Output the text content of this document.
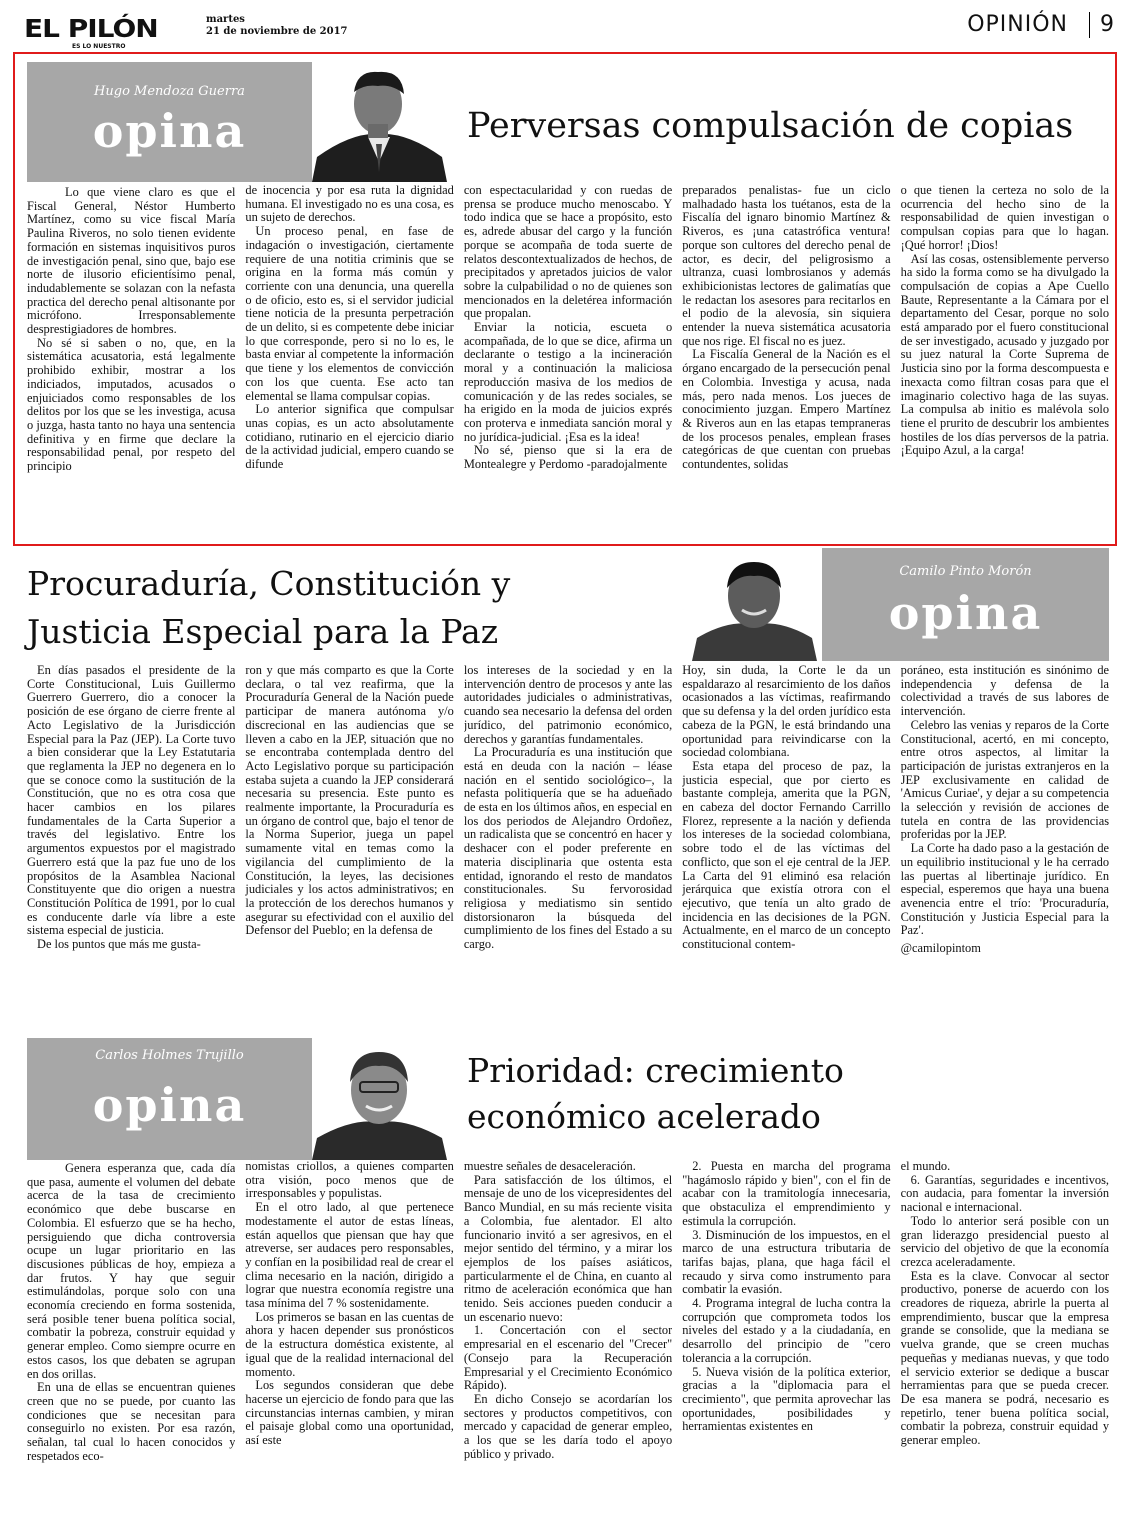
EL PILÓN
ES LO NUESTRO
martes
21 de noviembre de 2017	OPINIÓN	9
Hugo Mendoza Guerra
opina	Perversas compulsación de copias

Lo que viene claro es que el Fiscal General, Néstor Humberto Martínez, como su vice fiscal María Paulina Riveros, no solo tienen evidente formación en sistemas inquisitivos puros de investigación penal, sino que, bajo ese norte de ilusorio eficientísimo penal, indudablemente se solazan con la nefasta practica del derecho penal altisonante por micrófono. Irresponsablemente desprestigiadores de hombres.

No sé si saben o no, que, en la sistemática acusatoria, está legalmente prohibido exhibir, mostrar a los indiciados, imputados, acusados o enjuiciados como responsables de los delitos por los que se les investiga, acusa o juzga, hasta tanto no haya una sentencia definitiva y en firme que declare la responsabilidad penal, por respeto del principio

de inocencia y por esa ruta la dignidad humana. El investigado no es una cosa, es un sujeto de derechos.

Un proceso penal, en fase de indagación o investigación, ciertamente requiere de una notitia criminis que se origina en la forma más común y corriente con una denuncia, una querella o de oficio, esto es, si el servidor judicial tiene noticia de la presunta perpetración de un delito, si es competente debe iniciar lo que corresponde, pero si no lo es, le basta enviar al competente la información que tiene y los elementos de convicción con los que cuenta. Ese acto tan elemental se llama compulsar copias.

Lo anterior significa que compulsar unas copias, es un acto absolutamente cotidiano, rutinario en el ejercicio diario de la actividad judicial, empero cuando se difunde

con espectacularidad y con ruedas de prensa se produce mucho menoscabo. Y todo indica que se hace a propósito, esto es, adrede abusar del cargo y la función porque se acompaña de toda suerte de relatos descontextualizados de hechos, de precipitados y apretados juicios de valor sobre la culpabilidad o no de quienes son mencionados en la deletérea información que propalan.

Enviar la noticia, escueta o acompañada, de lo que se dice, afirma un declarante o testigo a la incineración moral y a continuación la maliciosa reproducción masiva de los medios de comunicación y de las redes sociales, se ha erigido en la moda de juicios exprés con proterva e inmediata sanción moral y no jurídica-judicial. ¡Esa es la idea!

No sé, pienso que si la era de Montealegre y Perdomo -paradojalmente

preparados penalistas- fue un ciclo malhadado hasta los tuétanos, esta de la Fiscalía del ignaro binomio Martínez & Riveros, es ¡una catastrófica ventura! porque son cultores del derecho penal de actor, es decir, del peligrosismo a ultranza, cuasi lombrosianos y además exhibicionistas lectores de galimatías que le redactan los asesores para recitarlos en el podio de la alevosía, sin siquiera entender la nueva sistemática acusatoria que nos rige. El fiscal no es juez.

La Fiscalía General de la Nación es el órgano encargado de la persecución penal en Colombia. Investiga y acusa, nada más, pero nada menos. Los jueces de conocimiento juzgan. Empero Martínez & Riveros aun en las etapas tempraneras de los procesos penales, emplean frases categóricas de que cuentan con pruebas contundentes, solidas

o que tienen la certeza no solo de la ocurrencia del hecho sino de la responsabilidad de quien investigan o compulsan copias para que lo hagan. ¡Qué horror! ¡Dios!

Así las cosas, ostensiblemente perverso ha sido la forma como se ha divulgado la compulsación de copias a Ape Cuello Baute, Representante a la Cámara por el departamento del Cesar, porque no solo está amparado por el fuero constitucional de ser investigado, acusado y juzgado por su juez natural la Corte Suprema de Justicia sino por la forma descompuesta e inexacta como filtran cosas para que el imaginario colectivo haga de las suyas. La compulsa ab initio es malévola solo tiene el prurito de descubrir los ambientes hostiles de los días perversos de la patria. ¡Equipo Azul, a la carga!

Procuraduría, Constitución y
Justicia Especial para la Paz
Camilo Pinto Morón
opina

En días pasados el presidente de la Corte Constitucional, Luis Guillermo Guerrero Guerrero, dio a conocer la posición de ese órgano de cierre frente al Acto Legislativo de la Jurisdicción Especial para la Paz (JEP). La Corte tuvo a bien considerar que la Ley Estatutaria que reglamenta la JEP no degenera en lo que se conoce como la sustitución de la Constitución, que no es otra cosa que hacer cambios en los pilares fundamentales de la Carta Superior a través del legislativo. Entre los argumentos expuestos por el magistrado Guerrero está que la paz fue uno de los propósitos de la Asamblea Nacional Constituyente que dio origen a nuestra Constitución Política de 1991, por lo cual es conducente darle vía libre a este sistema especial de justicia.

De los puntos que más me gusta-

ron y que más comparto es que la Corte declara, o tal vez reafirma, que la Procuraduría General de la Nación puede participar de manera autónoma y/o discrecional en las audiencias que se lleven a cabo en la JEP, situación que no se encontraba contemplada dentro del Acto Legislativo porque su participación estaba sujeta a cuando la JEP considerará necesaria su presencia. Este punto es realmente importante, la Procuraduría es un órgano de control que, bajo el tenor de la Norma Superior, juega un papel sumamente vital en temas como la vigilancia del cumplimiento de la Constitución, la leyes, las decisiones judiciales y los actos administrativos; en la protección de los derechos humanos y asegurar su efectividad con el auxilio del Defensor del Pueblo; en la defensa de

los intereses de la sociedad y en la intervención dentro de procesos y ante las autoridades judiciales o administrativas, cuando sea necesario la defensa del orden jurídico, del patrimonio económico, derechos y garantías fundamentales.

La Procuraduría es una institución que está en deuda con la nación – léase nación en el sentido sociológico–, la nefasta politiquería que se ha adueñado de esta en los últimos años, en especial en los dos periodos de Alejandro Ordoñez, un radicalista que se concentró en hacer y deshacer con el poder preferente en materia disciplinaria que ostenta esta entidad, ignorando el resto de mandatos constitucionales. Su fervorosidad religiosa y mediatismo sin sentido distorsionaron la búsqueda del cumplimiento de los fines del Estado a su cargo.

Hoy, sin duda, la Corte le da un espaldarazo al resarcimiento de los daños ocasionados a las víctimas, reafirmando que su defensa y la del orden jurídico esta cabeza de la PGN, le está brindando una oportunidad para reivindicarse con la sociedad colombiana.

Esta etapa del proceso de paz, la justicia especial, que por cierto es bastante compleja, amerita que la PGN, en cabeza del doctor Fernando Carrillo Florez, represente a la nación y defienda los intereses de la sociedad colombiana, sobre todo el de las víctimas del conflicto, que son el eje central de la JEP. La Carta del 91 eliminó esa relación jerárquica que existía otrora con el ejecutivo, que tenía un alto grado de incidencia en las decisiones de la PGN. Actualmente, en el marco de un concepto constitucional contem-

poráneo, esta institución es sinónimo de independencia y defensa de la colectividad a través de sus labores de intervención.

Celebro las venias y reparos de la Corte Constitucional, acertó, en mi concepto, entre otros aspectos, al limitar la participación de juristas extranjeros en la JEP exclusivamente en calidad de 'Amicus Curiae', y dejar a su competencia la selección y revisión de acciones de tutela en contra de las providencias proferidas por la JEP.

La Corte ha dado paso a la gestación de un equilibrio institucional y le ha cerrado las puertas al libertinaje jurídico. En especial, esperemos que haya una buena avenencia entre el trío: 'Procuraduría, Constitución y Justicia Especial para la Paz'.

@camilopintom

Carlos Holmes Trujillo
opina
Prioridad: crecimiento
económico acelerado

Genera esperanza que, cada día que pasa, aumente el volumen del debate acerca de la tasa de crecimiento económico que debe buscarse en Colombia. El esfuerzo que se ha hecho, persiguiendo que dicha controversia ocupe un lugar prioritario en las discusiones públicas de hoy, empieza a dar frutos. Y hay que seguir estimulándolas, porque solo con una economía creciendo en forma sostenida, será posible tener buena política social, combatir la pobreza, construir equidad y generar empleo. Como siempre ocurre en estos casos, los que debaten se agrupan en dos orillas.

En una de ellas se encuentran quienes creen que no se puede, por cuanto las condiciones que se necesitan para conseguirlo no existen. Por esa razón, señalan, tal cual lo hacen conocidos y respetados eco-

nomistas criollos, a quienes comparten otra visión, poco menos que de irresponsables y populistas.

En el otro lado, al que pertenece modestamente el autor de estas líneas, están aquellos que piensan que hay que atreverse, ser audaces pero responsables, y confían en la posibilidad real de crear el clima necesario en la nación, dirigido a lograr que nuestra economía registre una tasa mínima del 7 % sostenidamente.

Los primeros se basan en las cuentas de ahora y hacen depender sus pronósticos de la estructura doméstica existente, al igual que de la realidad internacional del momento.

Los segundos consideran que debe hacerse un ejercicio de fondo para que las circunstancias internas cambien, y miran el paisaje global como una oportunidad, así este

muestre señales de desaceleración.

Para satisfacción de los últimos, el mensaje de uno de los vicepresidentes del Banco Mundial, en su más reciente visita a Colombia, fue alentador. El alto funcionario invitó a ser agresivos, en el mejor sentido del término, y a mirar los ejemplos de los países asiáticos, particularmente el de China, en cuanto al ritmo de aceleración económica que han tenido. Seis acciones pueden conducir a un escenario nuevo:

1. Concertación con el sector empresarial en el escenario del "Crecer" (Consejo para la Recuperación Empresarial y el Crecimiento Económico Rápido).

En dicho Consejo se acordarían los sectores y productos competitivos, con mercado y capacidad de generar empleo, a los que se les daría todo el apoyo público y privado.

2. Puesta en marcha del programa "hagámoslo rápido y bien", con el fin de acabar con la tramitología innecesaria, que obstaculiza el emprendimiento y estimula la corrupción.

3. Disminución de los impuestos, en el marco de una estructura tributaria de tarifas bajas, plana, que haga fácil el recaudo y sirva como instrumento para combatir la evasión.

4. Programa integral de lucha contra la corrupción que comprometa todos los niveles del estado y a la ciudadanía, en desarrollo del principio de "cero tolerancia a la corrupción.

5. Nueva visión de la política exterior, gracias a la "diplomacia para el crecimiento", que permita aprovechar las oportunidades, posibilidades y herramientas existentes en

el mundo.

6. Garantías, seguridades e incentivos, con audacia, para fomentar la inversión nacional e internacional.

Todo lo anterior será posible con un gran liderazgo presidencial puesto al servicio del objetivo de que la economía crezca aceleradamente.

Esta es la clave. Convocar al sector productivo, ponerse de acuerdo con los creadores de riqueza, abrirle la puerta al emprendimiento, buscar que la empresa grande se consolide, que la mediana se vuelva grande, que se creen muchas pequeñas y medianas nuevas, y que todo el servicio exterior se dedique a buscar herramientas para que se pueda crecer. De esa manera se podrá, necesario es repetirlo, tener buena política social, combatir la pobreza, construir equidad y generar empleo.
